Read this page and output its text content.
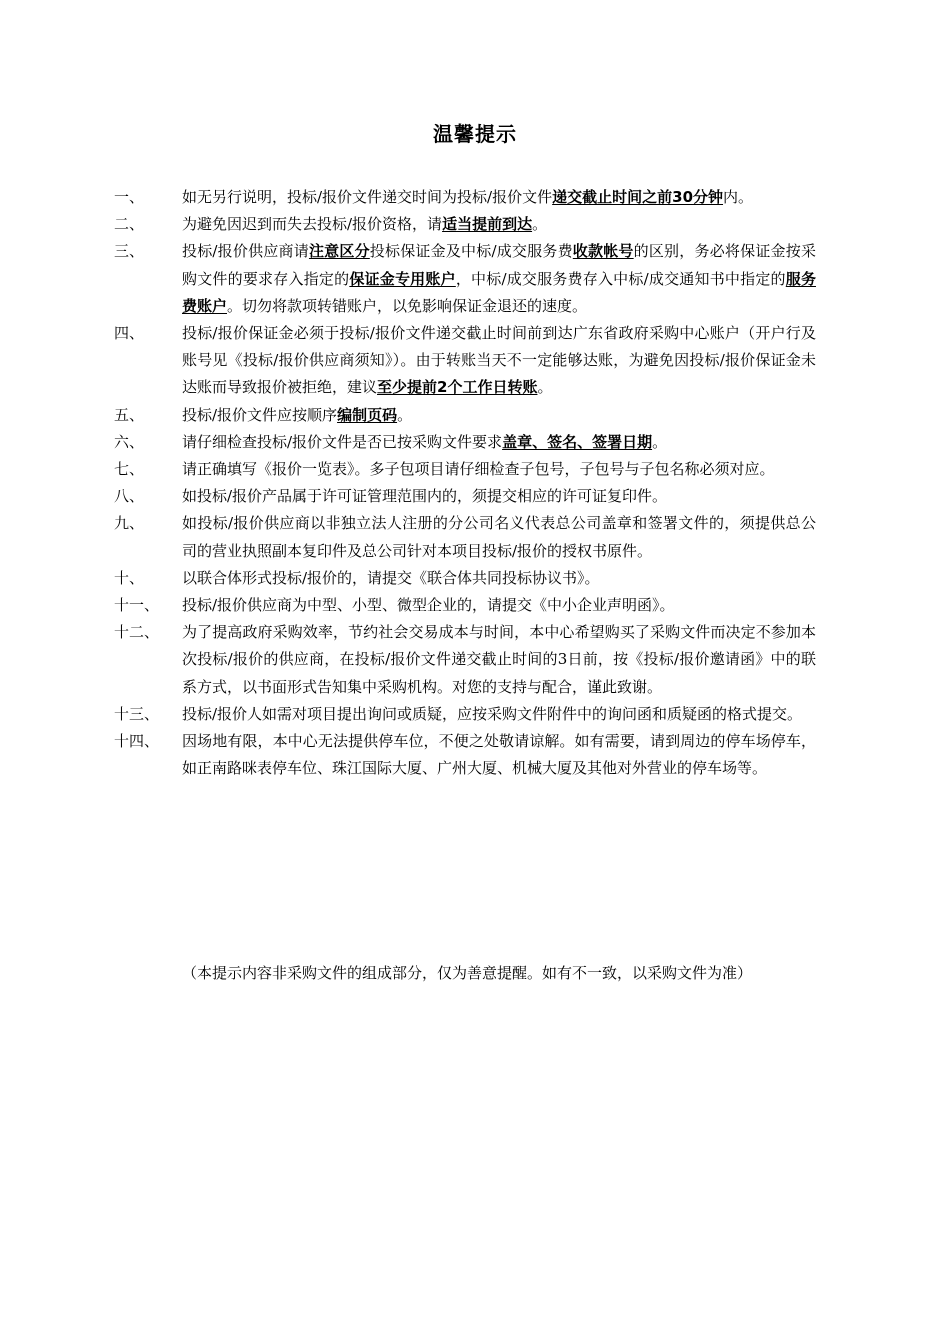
温馨提示
一、	如无另行说明，投标/报价文件递交时间为投标/报价文件递交截止时间之前30分钟内。
二、	为避免因迟到而失去投标/报价资格，请适当提前到达。
三、	投标/报价供应商请注意区分投标保证金及中标/成交服务费收款帐号的区别，务必将保证金按采购文件的要求存入指定的保证金专用账户，中标/成交服务费存入中标/成交通知书中指定的服务费账户。切勿将款项转错账户，以免影响保证金退还的速度。
四、	投标/报价保证金必须于投标/报价文件递交截止时间前到达广东省政府采购中心账户（开户行及账号见《投标/报价供应商须知》）。由于转账当天不一定能够达账，为避免因投标/报价保证金未达账而导致报价被拒绝，建议至少提前2个工作日转账。
五、	投标/报价文件应按顺序编制页码。
六、	请仔细检查投标/报价文件是否已按采购文件要求盖章、签名、签署日期。
七、	请正确填写《报价一览表》。多子包项目请仔细检查子包号，子包号与子包名称必须对应。
八、	如投标/报价产品属于许可证管理范围内的，须提交相应的许可证复印件。
九、	如投标/报价供应商以非独立法人注册的分公司名义代表总公司盖章和签署文件的，须提供总公司的营业执照副本复印件及总公司针对本项目投标/报价的授权书原件。
十、	以联合体形式投标/报价的，请提交《联合体共同投标协议书》。
十一、	投标/报价供应商为中型、小型、微型企业的，请提交《中小企业声明函》。
十二、	为了提高政府采购效率，节约社会交易成本与时间，本中心希望购买了采购文件而决定不参加本次投标/报价的供应商，在投标/报价文件递交截止时间的3日前，按《投标/报价邀请函》中的联系方式，以书面形式告知集中采购机构。对您的支持与配合，谨此致谢。
十三、	投标/报价人如需对项目提出询问或质疑，应按采购文件附件中的询问函和质疑函的格式提交。
十四、	因场地有限，本中心无法提供停车位，不便之处敬请谅解。如有需要，请到周边的停车场停车，如正南路咪表停车位、珠江国际大厦、广州大厦、机械大厦及其他对外营业的停车场等。
（本提示内容非采购文件的组成部分，仅为善意提醒。如有不一致，以采购文件为准）
